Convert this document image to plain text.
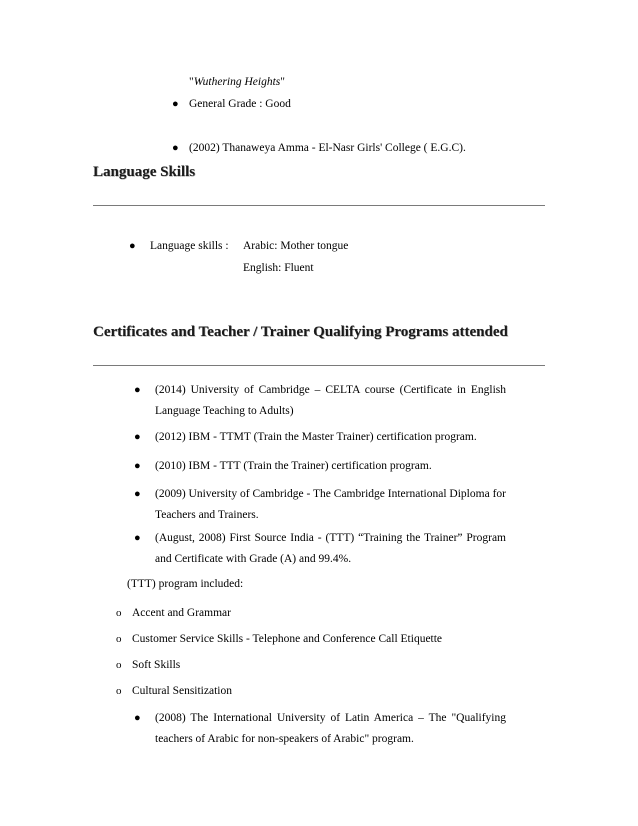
"Wuthering Heights"
● General Grade : Good
● (2002) Thanaweya Amma - El-Nasr Girls' College ( E.G.C).
Language Skills
● Language skills : Arabic: Mother tongue
English: Fluent
Certificates and Teacher / Trainer Qualifying Programs attended
● (2014) University of Cambridge – CELTA course (Certificate in English
Language Teaching to Adults)
● (2012) IBM - TTMT (Train the Master Trainer) certification program.
● (2010) IBM - TTT (Train the Trainer) certification program.
● (2009) University of Cambridge - The Cambridge International Diploma for
Teachers and Trainers.
● (August, 2008) First Source India - (TTT) “Training the Trainer” Program
and Certificate with Grade (A) and 99.4%.
(TTT) program included:
o Accent and Grammar
o Customer Service Skills - Telephone and Conference Call Etiquette
o Soft Skills
o Cultural Sensitization
● (2008) The International University of Latin America – The "Qualifying
teachers of Arabic for non-speakers of Arabic" program.
